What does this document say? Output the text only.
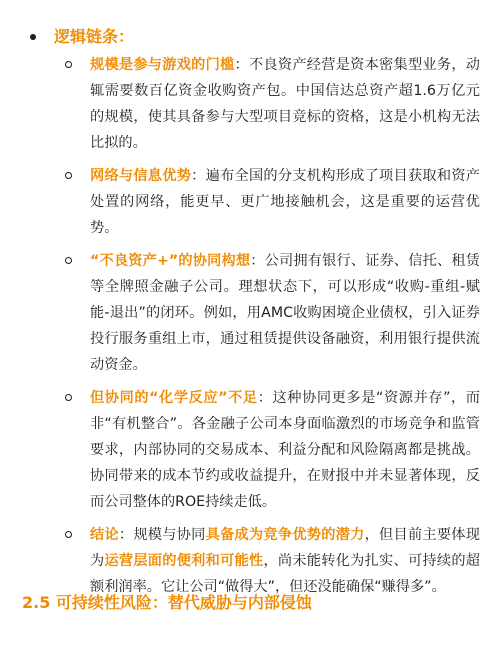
逻辑链条：
规模是参与游戏的门槛：不良资产经营是资本密集型业务，动辄需要数百亿资金收购资产包。中国信达总资产超1.6万亿元的规模，使其具备参与大型项目竞标的资格，这是小机构无法比拟的。
网络与信息优势：遍布全国的分支机构形成了项目获取和资产处置的网络，能更早、更广地接触机会，这是重要的运营优势。
“不良资产+”的协同构想：公司拥有银行、证券、信托、租赁等全牌照金融子公司。理想状态下，可以形成“收购-重组-赋能-退出”的闭环。例如，用AMC收购困境企业债权，引入证券投行服务重组上市，通过租赁提供设备融资，利用银行提供流动资金。
但协同的“化学反应”不足：这种协同更多是“资源并存”，而非“有机整合”。各金融子公司本身面临激烈的市场竞争和监管要求，内部协同的交易成本、利益分配和风险隔离都是挑战。协同带来的成本节约或收益提升，在财报中并未显著体现，反而公司整体的ROE持续走低。
结论：规模与协同具备成为竞争优势的潜力，但目前主要体现为运营层面的便利和可能性，尚未能转化为扎实、可持续的超额利润率。它让公司“做得大”，但还没能确保“赚得多”。
2.5 可持续性风险：替代威胁与内部侵蚀
